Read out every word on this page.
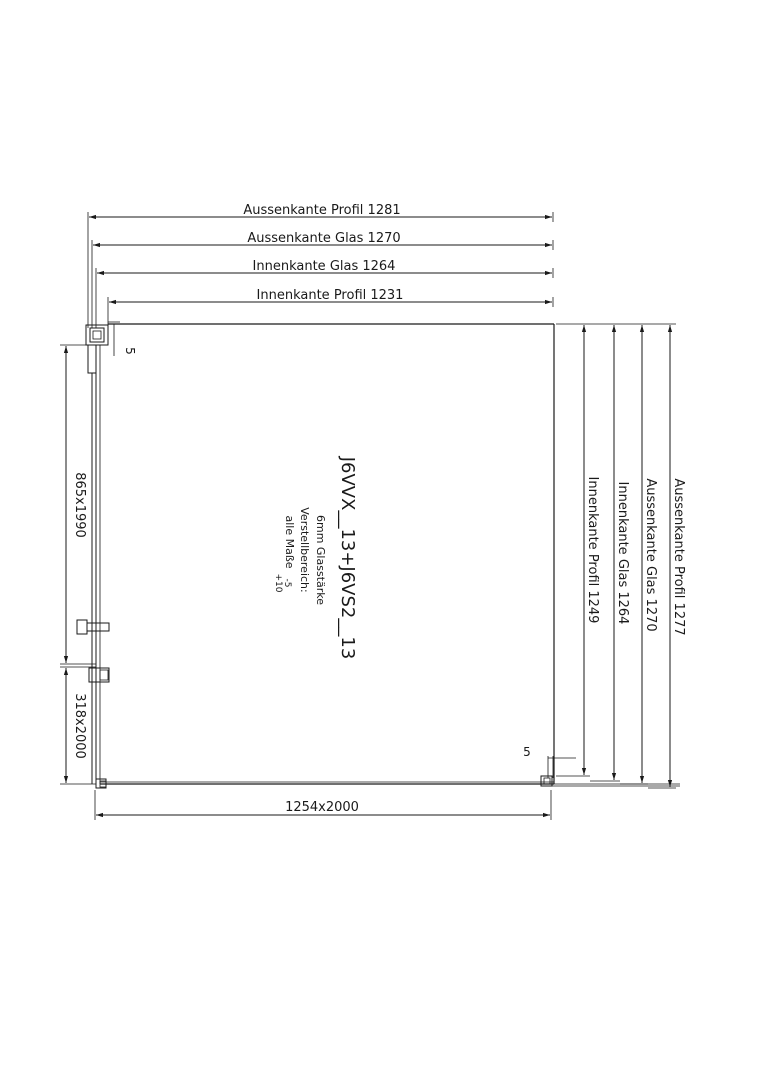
Aussenkante Profil 1281
Aussenkante Glas 1270
Innenkante Glas 1264
Innenkante Profil 1231
5
5
865x1990
318x2000
1254x2000
Innenkante Profil 1249 Innenkante Glas 1264 Aussenkante Glas 1270 Aussenkante Profil 1277
J6VVX__13+J6VS2__13
6mm Glasstärke
Verstellbereich:
alle Maße
-5
+10
